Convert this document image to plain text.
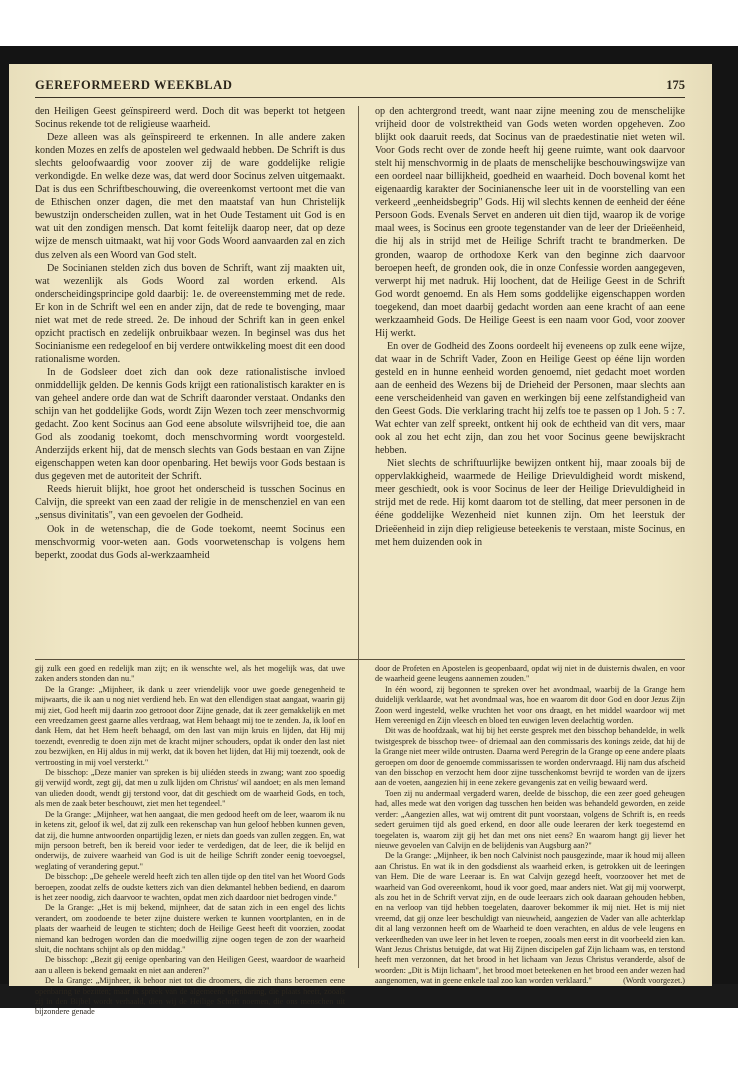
GEREFORMEERD WEEKBLAD	175

den Heiligen Geest geïnspireerd werd. Doch dit was beperkt tot hetgeen Socinus rekende tot de religieuse waarheid.

Deze alleen was als geïnspireerd te erkennen. In alle andere zaken konden Mozes en zelfs de apostelen wel gedwaald hebben. De Schrift is dus slechts geloofwaardig voor zoover zij de ware goddelijke religie verkondigde. En welke deze was, dat werd door Socinus zelven uitgemaakt. Dat is dus een Schriftbeschouwing, die overeenkomst vertoont met die van de Ethischen onzer dagen, die met den maatstaf van hun Christelijk bewustzijn onderscheiden zullen, wat in het Oude Testament uit God is en wat uit den zondigen mensch. Dat komt feitelijk daarop neer, dat op deze wijze de mensch uitmaakt, wat hij voor Gods Woord aanvaarden zal en zich dus zelven als een Woord van God stelt.

De Socinianen stelden zich dus boven de Schrift, want zij maakten uit, wat wezenlijk als Gods Woord zal worden erkend. Als onderscheidingsprincipe gold daarbij: 1e. de overeenstemming met de rede. Er kon in de Schrift wel een en ander zijn, dat de rede te bovenging, maar niet wat met de rede streed. 2e. De inhoud der Schrift kan in geen enkel opzicht practisch en zedelijk onbruikbaar wezen. In beginsel was dus het Socinianisme een redegeloof en bij verdere ontwikkeling moest dit een dood rationalisme worden.

In de Godsleer doet zich dan ook deze rationalistische invloed onmiddellijk gelden. De kennis Gods krijgt een rationalistisch karakter en is van geheel andere orde dan wat de Schrift daaronder verstaat. Ondanks den schijn van het goddelijke Gods, wordt Zijn Wezen toch zeer menschvormig gedacht. Zoo kent Socinus aan God eene absolute wilsvrijheid toe, die aan God als zoodanig toekomt, doch menschvorming wordt voorgesteld. Anderzijds erkent hij, dat de mensch slechts van Gods bestaan en van Zijne eigenschappen weten kan door openbaring. Het bewijs voor Gods bestaan is dus gegeven met de autoriteit der Schrift.

Reeds hieruit blijkt, hoe groot het onderscheid is tusschen Socinus en Calvijn, die spreekt van een zaad der religie in de menschenziel en van een „sensus divinitatis", van een gevoelen der Godheid.

Ook in de wetenschap, die de Gode toekomt, neemt Socinus een menschvormig voor-weten aan. Gods voorwetenschap is volgens hem beperkt, zoodat dus Gods al-werkzaamheid

op den achtergrond treedt, want naar zijne meening zou de menschelijke vrijheid door de volstrektheid van Gods weten worden opgeheven. Zoo blijkt ook daaruit reeds, dat Socinus van de praedestinatie niet weten wil. Voor Gods recht over de zonde heeft hij geene ruimte, want ook daarvoor stelt hij menschvormig in de plaats de menschelijke beschouwingswijze van een oordeel naar billijkheid, goedheid en waarheid. Doch bovenal komt het eigenaardig karakter der Socinianensche leer uit in de voorstelling van een verkeerd „eenheidsbegrip" Gods. Hij wil slechts kennen de eenheid der ééne Persoon Gods. Evenals Servet en anderen uit dien tijd, waarop ik de vorige maal wees, is Socinus een groote tegenstander van de leer der Drieëenheid, die hij als in strijd met de Heilige Schrift tracht te brandmerken. De gronden, waarop de orthodoxe Kerk van den beginne zich daarvoor beroepen heeft, de gronden ook, die in onze Confessie worden aangegeven, verwerpt hij met nadruk. Hij loochent, dat de Heilige Geest in de Schrift God wordt genoemd. En als Hem soms goddelijke eigenschappen worden toegekend, dan moet daarbij gedacht worden aan eene kracht of aan eene werkzaamheid Gods. De Heilige Geest is een naam voor God, voor zoover Hij werkt.

En over de Godheid des Zoons oordeelt hij eveneens op zulk eene wijze, dat waar in de Schrift Vader, Zoon en Heilige Geest op ééne lijn worden gesteld en in hunne eenheid worden genoemd, niet gedacht moet worden aan de eenheid des Wezens bij de Drieheid der Personen, maar slechts aan eene verscheidenheid van gaven en werkingen bij eene zelfstandigheid van den Geest Gods. Die verklaring tracht hij zelfs toe te passen op 1 Joh. 5 : 7. Wat echter van zelf spreekt, ontkent hij ook de echtheid van dit vers, maar ook al zou het echt zijn, dan zou het voor Socinus geene bewijskracht hebben.

Niet slechts de schriftuurlijke bewijzen ontkent hij, maar zooals bij de oppervlakkigheid, waarmede de Heilige Drievuldigheid wordt miskend, meer geschiedt, ook is voor Socinus de leer der Heilige Drievuldigheid in strijd met de rede. Hij komt daarom tot de stelling, dat meer personen in de ééne goddelijke Wezenheid niet kunnen zijn. Om het leerstuk der Drieëenheid in zijn diep religieuse beteekenis te verstaan, miste Socinus, en met hem duizenden ook in

gij zulk een goed en redelijk man zijt; en ik wenschte wel, als het mogelijk was, dat uwe zaken anders stonden dan nu."

De la Grange: „Mijnheer, ik dank u zeer vriendelijk voor uwe goede genegenheid te mijwaarts, die ik aan u nog niet verdiend heb. En wat den ellendigen staat aangaat, waarin gij mij ziet, God heeft mij daarin zoo getrooot door Zijne genade, dat ik zeer gemakkelijk en met een vreedzamen geest gaarne alles verdraag, wat Hem behaagt mij toe te zenden. Ja, ik loof en dank Hem, dat het Hem heeft behaagd, om den last van mijn kruis en lijden, dat Hij mij toezendt, evenredig te doen zijn met de kracht mijner schouders, opdat ik onder den last niet zou bezwijken, en Hij aldus in mij werkt, dat ik boven het lijden, dat Hij mij toezendt, ook de vertroosting in mij voel versterkt."

De bisschop: „Deze manier van spreken is bij uliéden steeds in zwang; want zoo spoedig gij verwijd wordt, zegt gij, dat men u zulk lijden om Christus' wil aandoet; en als men lemand van ulieden doodt, wendt gij terstond voor, dat dit geschiedt om de waarheid Gods, en toch, als men de zaak beter beschouwt, ziet men het tegendeel."

De la Grange: „Mijnheer, wat hen aangaat, die men gedood heeft om de leer, waarom ik nu in ketens zit, geloof ik wel, dat zij zulk een rekenschap van hun geloof hebben kunnen geven, dat zij, die humne antwoorden onpartijdig lezen, er niets dan goeds van zullen zeggen. En, wat mijn persoon betreft, ben ik bereid voor ieder te verdedigen, dat de leer, die ik belijd en onderwijs, de zuivere waarheid van God is uit de heilige Schrift zonder eenig toevoegsel, weglating of verandering geput."

De bisschop: „De geheele wereld heeft zich ten allen tijde op den titel van het Woord Gods beroepen, zoodat zelfs de oudste ketters zich van dien dekmantel hebben bediend, en daarom is het zeer noodig, zich daarvoor te wachten, opdat men zich daardoor niet bedrogen vinde."

De la Grange: „Het is mij bekend, mijnheer, dat de satan zich in een engel des lichts verandert, om zoodoende te beter zijne duistere werken te kunnen voortplanten, en in de plaats der waarheid de leugen te stichten; doch de Heilige Geest heeft dit voorzien, zoodat niemand kan bedrogen worden dan die moedwillig zijne oogen tegen de zon der waarheid sluit, die nochtans schijnt als op den middag."

De bisschop: „Bezit gij eenige openbaring van den Heiligen Geest, waardoor de waarheid aan u alleen is bekend gemaakt en niet aan anderen?"

De la Grange: „Mijnheer, ik behoor niet tot die droomers, die zich thans beroemen eene openbaring te bezitten; maar ik spreek van de algemeene openbaring, die plaats heeft, zooals zij in den Bijbel wordt verhaald, dien wij de Heilige Schrift noemen, die ons menschen uit bijzondere genade

door de Profeten en Apostelen is geopenbaard, opdat wij niet in de duisternis dwalen, en voor de waarheid geene leugens aannemen zouden."

In één woord, zij begonnen te spreken over het avondmaal, waarbij de la Grange hem duidelijk verklaarde, wat het avondmaal was, hoe en waarom dit door God en door Jezus Zijn Zoon werd ingesteld, welke vruchten het voor ons draagt, en het middel waardoor wij met Hem vereenigd en Zijn vleesch en bloed ten euwigen leven deelachtig worden.

Dit was de hoofdzaak, wat hij bij het eerste gesprek met den bisschop behandelde, in welk twistgesprek de bisschop twee- of driemaal aan den commissaris des konings zeide, dat hij de la Grange niet meer wilde ontrusten. Daarna werd Peregrin de la Grange op eene andere plaats geroepen om door de genoemde commissarissen te worden ondervraagd. Hij nam dus afscheid van den bisschop en verzocht hem door zijne tusschenkomst bevrijd te worden van de ijzers aan de voeten, aangezien hij in eene zekere gevangenis zat en veilig bewaard werd.

Toen zij nu andermaal vergaderd waren, deelde de bisschop, die een zeer goed geheugen had, alles mede wat den vorigen dag tusschen hen beiden was behandeld geworden, en zeide verder: „Aangezien alles, wat wij omtrent dit punt voorstaan, volgens de Schrift is, en reeds sedert geruimen tijd als goed erkend, en door alle oude leeraren der kerk toegestemd en toegelaten is, waarom zijt gij het dan met ons niet eens? En waarom hangt gij liever het nieuwe gevoelen van Calvijn en de belijdenis van Augsburg aan?"

De la Grange: „Mijnheer, ik ben noch Calvinist noch pausgezinde, maar ik houd mij alleen aan Christus. En wat ik in den godsdienst als waarheid erken, is getrokken uit de leeringen van Hem. Die de ware Leeraar is. En wat Calvijn gezegd heeft, voorzoover het met de waarheid van God overeenkomt, houd ik voor goed, maar anders niet. Wat gij mij voorwerpt, als zou het in de Schrift vervat zijn, en de oude leeraars zich ook daaraan gehouden hebben, en na verloop van tijd hebben toegelaten, daarover bekommer ik mij niet. Het is mij niet vreemd, dat gij onze leer beschuldigt van nieuwheid, aangezien de Vader van alle achterklap dit al lang verzonnen heeft om de Waarheid te doen verachten, en aldus de vele leugens en verkeerdheden van uwe leer in het leven te roepen, zooals men eerst in dit voorbeeld zien kan. Want Jezus Christus betuigde, dat wat Hij Zijnen discipelen gaf Zijn lichaam was, en terstond heeft men verzonnen, dat het brood in het lichaam van Jezus Christus veranderde, alsof de woorden: „Dit is Mijn lichaam", het brood moet beteekenen en het brood een ander wezen had aangenomen, wat in geene enkele taal zoo kan worden verklaard."	(Wordt voorgezet.)
